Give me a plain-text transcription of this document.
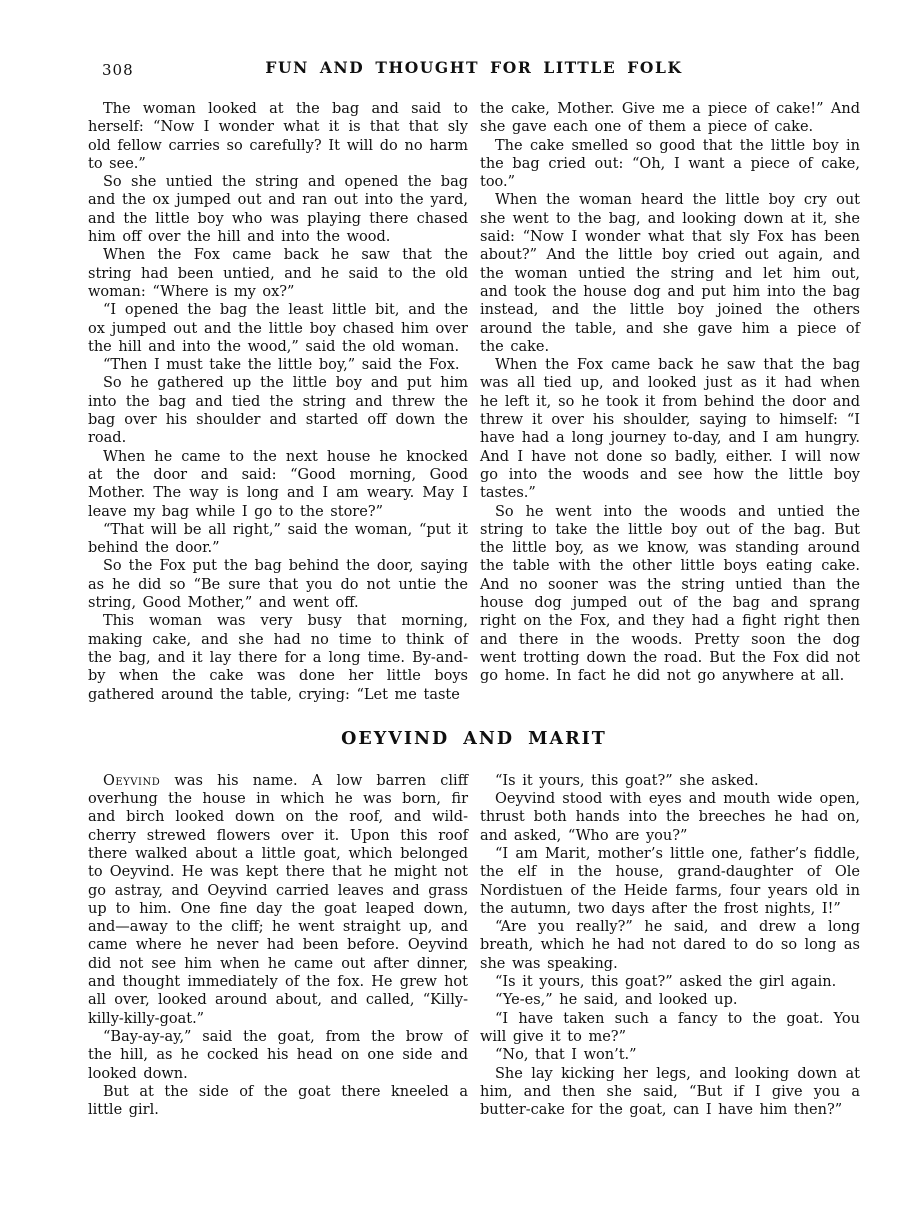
308	FUN AND THOUGHT FOR LITTLE FOLK

The woman looked at the bag and said to herself: “Now I wonder what it is that that sly old fellow carries so carefully? It will do no harm to see.”

So she untied the string and opened the bag and the ox jumped out and ran out into the yard, and the little boy who was playing there chased him off over the hill and into the wood.

When the Fox came back he saw that the string had been untied, and he said to the old woman: “Where is my ox?”

“I opened the bag the least little bit, and the ox jumped out and the little boy chased him over the hill and into the wood,” said the old woman.

“Then I must take the little boy,” said the Fox.

So he gathered up the little boy and put him into the bag and tied the string and threw the bag over his shoulder and started off down the road.

When he came to the next house he knocked at the door and said: “Good morning, Good Mother. The way is long and I am weary. May I leave my bag while I go to the store?”

“That will be all right,” said the woman, “put it behind the door.”

So the Fox put the bag behind the door, saying as he did so “Be sure that you do not untie the string, Good Mother,” and went off.

This woman was very busy that morning, making cake, and she had no time to think of the bag, and it lay there for a long time. By-and-by when the cake was done her little boys gathered around the table, crying: “Let me taste

the cake, Mother. Give me a piece of cake!” And she gave each one of them a piece of cake.

The cake smelled so good that the little boy in the bag cried out: “Oh, I want a piece of cake, too.”

When the woman heard the little boy cry out she went to the bag, and looking down at it, she said: “Now I wonder what that sly Fox has been about?” And the little boy cried out again, and the woman untied the string and let him out, and took the house dog and put him into the bag instead, and the little boy joined the others around the table, and she gave him a piece of the cake.

When the Fox came back he saw that the bag was all tied up, and looked just as it had when he left it, so he took it from behind the door and threw it over his shoulder, saying to himself: “I have had a long journey to-day, and I am hungry. And I have not done so badly, either. I will now go into the woods and see how the little boy tastes.”

So he went into the woods and untied the string to take the little boy out of the bag. But the little boy, as we know, was standing around the table with the other little boys eating cake. And no sooner was the string untied than the house dog jumped out of the bag and sprang right on the Fox, and they had a fight right then and there in the woods. Pretty soon the dog went trotting down the road. But the Fox did not go home. In fact he did not go anywhere at all.

OEYVIND AND MARIT

Oeyvind was his name. A low barren cliff overhung the house in which he was born, fir and birch looked down on the roof, and wild-cherry strewed flowers over it. Upon this roof there walked about a little goat, which belonged to Oeyvind. He was kept there that he might not go astray, and Oeyvind carried leaves and grass up to him. One fine day the goat leaped down, and—away to the cliff; he went straight up, and came where he never had been before. Oeyvind did not see him when he came out after dinner, and thought immediately of the fox. He grew hot all over, looked around about, and called, “Killy-killy-killy-goat.”

“Bay-ay-ay,” said the goat, from the brow of the hill, as he cocked his head on one side and looked down.

But at the side of the goat there kneeled a little girl.

“Is it yours, this goat?” she asked.

Oeyvind stood with eyes and mouth wide open, thrust both hands into the breeches he had on, and asked, “Who are you?”

“I am Marit, mother’s little one, father’s fiddle, the elf in the house, grand-daughter of Ole Nordistuen of the Heide farms, four years old in the autumn, two days after the frost nights, I!”

“Are you really?” he said, and drew a long breath, which he had not dared to do so long as she was speaking.

“Is it yours, this goat?” asked the girl again.

“Ye-es,” he said, and looked up.

“I have taken such a fancy to the goat. You will give it to me?”

“No, that I won’t.”

She lay kicking her legs, and looking down at him, and then she said, “But if I give you a butter-cake for the goat, can I have him then?”
